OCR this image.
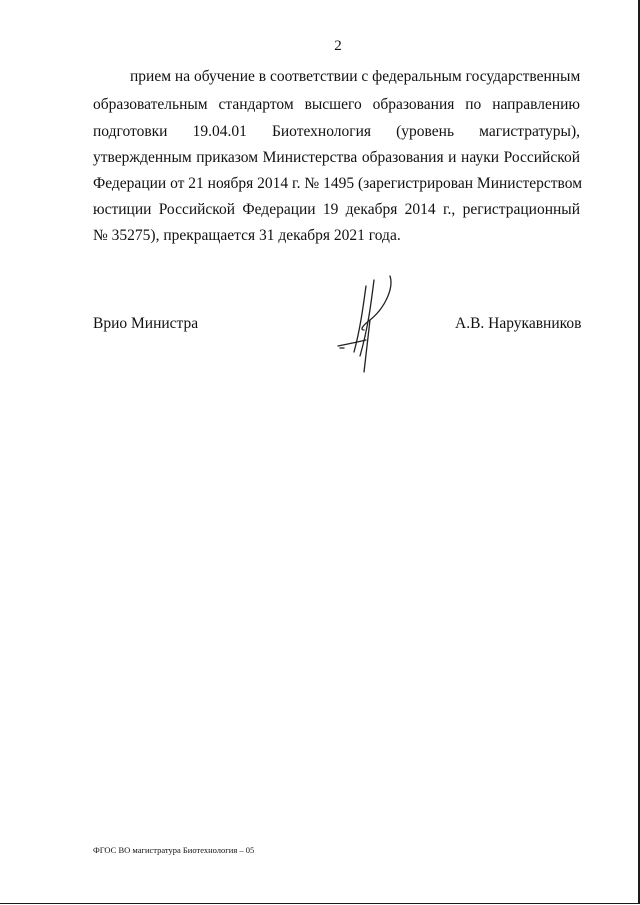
2
прием на обучение в соответствии с федеральным государственным
образовательным стандартом высшего образования по направлению
подготовки 19.04.01 Биотехнология (уровень магистратуры),
утвержденным приказом Министерства образования и науки Российской
Федерации от 21 ноября 2014 г. № 1495 (зарегистрирован Министерством
юстиции Российской Федерации 19 декабря 2014 г., регистрационный
№ 35275), прекращается 31 декабря 2021 года.
Врио Министра	А.В. Нарукавников
ФГОС ВО магистратура Биотехнология – 05
